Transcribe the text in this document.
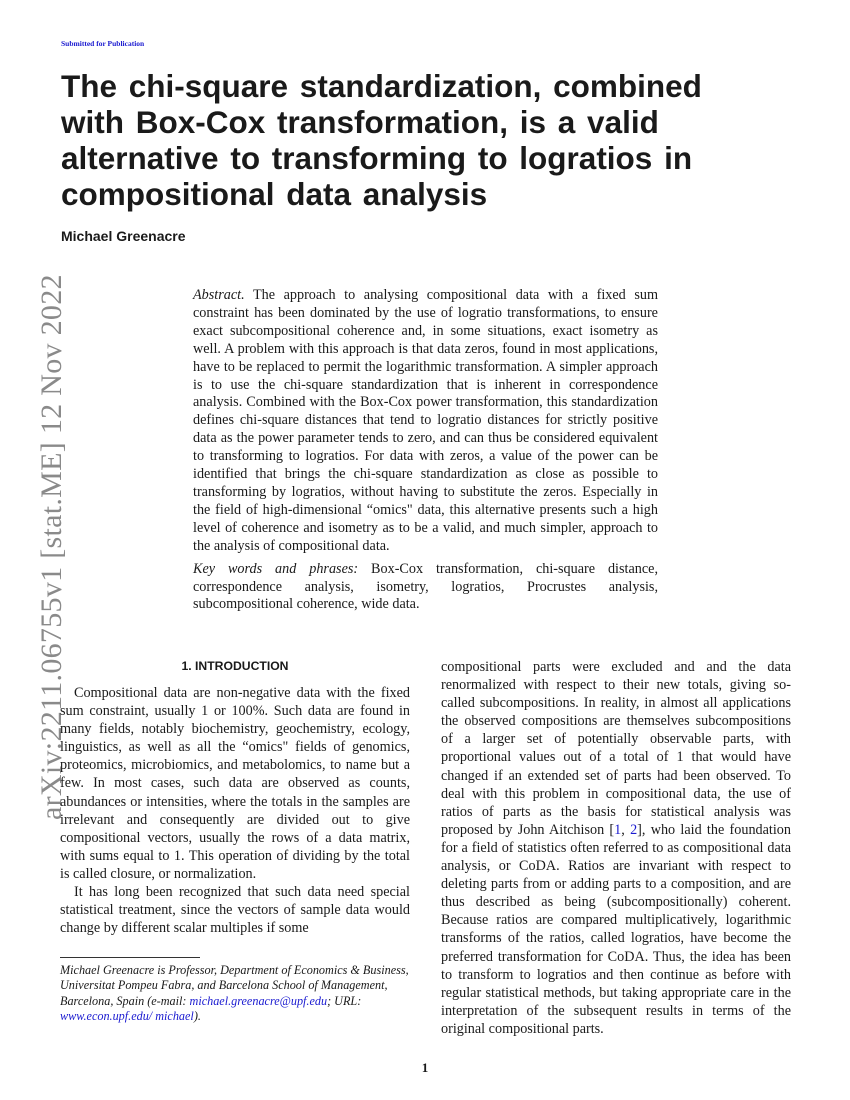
Submitted for Publication
The chi-square standardization, combined
with Box-Cox transformation, is a valid
alternative to transforming to logratios in
compositional data analysis
Michael Greenacre
arXiv:2211.06755v1 [stat.ME] 12 Nov 2022	Abstract. The approach to analysing compositional data with a fixed sum constraint has been dominated by the use of logratio transformations, to ensure exact subcompositional coherence and, in some situations, exact isometry as well. A problem with this approach is that data zeros, found in most applications, have to be replaced to permit the logarithmic transformation. A simpler approach is to use the chi-square standardization that is inherent in correspondence analysis. Combined with the Box-Cox power transformation, this standardization defines chi-square distances that tend to logratio distances for strictly positive data as the power parameter tends to zero, and can thus be considered equivalent to transforming to logratios. For data with zeros, a value of the power can be identified that brings the chi-square standardization as close as possible to transforming by logratios, without having to substitute the zeros. Especially in the field of high-dimensional “omics" data, this alternative presents such a high level of coherence and isometry as to be a valid, and much simpler, approach to the analysis of compositional data.

Key words and phrases: Box-Cox transformation, chi-square distance, correspondence analysis, isometry, logratios, Procrustes analysis, subcompositional coherence, wide data.

1. INTRODUCTION

Compositional data are non-negative data with the fixed sum constraint, usually 1 or 100%. Such data are found in many fields, notably biochemistry, geochemistry, ecology, linguistics, as well as all the “omics" fields of genomics, proteomics, microbiomics, and metabolomics, to name but a few. In most cases, such data are observed as counts, abundances or intensities, where the totals in the samples are irrelevant and consequently are divided out to give compositional vectors, usually the rows of a data matrix, with sums equal to 1. This operation of dividing by the total is called closure, or normalization.

It has long been recognized that such data need special statistical treatment, since the vectors of sample data would change by different scalar multiples if some

compositional parts were excluded and and the data renormalized with respect to their new totals, giving so-called subcompositions. In reality, in almost all applications the observed compositions are themselves subcompositions of a larger set of potentially observable parts, with proportional values out of a total of 1 that would have changed if an extended set of parts had been observed. To deal with this problem in compositional data, the use of ratios of parts as the basis for statistical analysis was proposed by John Aitchison [1, 2], who laid the foundation for a field of statistics often referred to as compositional data analysis, or CoDA. Ratios are invariant with respect to deleting parts from or adding parts to a composition, and are thus described as being (subcompositionally) coherent. Because ratios are compared multiplicatively, logarithmic transforms of the ratios, called logratios, have become the preferred transformation for CoDA. Thus, the idea has been to transform to logratios and then continue as before with regular statistical methods, but taking appropriate care in the interpretation of the subsequent results in terms of the original compositional parts.

Michael Greenacre is Professor, Department of Economics & Business, Universitat Pompeu Fabra, and Barcelona School of Management, Barcelona, Spain (e-mail: michael.greenacre@upf.edu; URL: www.econ.upf.edu/ michael).
1
